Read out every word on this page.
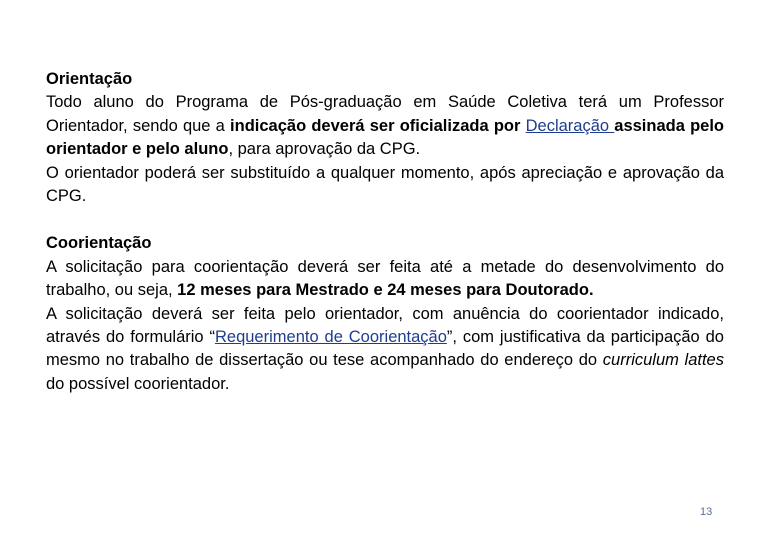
Orientação

Todo aluno do Programa de Pós-graduação em Saúde Coletiva terá um Professor Orientador, sendo que a indicação deverá ser oficializada por Declaração assinada pelo orientador e pelo aluno, para aprovação da CPG.

O orientador poderá ser substituído a qualquer momento, após apreciação e aprovação da CPG.

Coorientação

A solicitação para coorientação deverá ser feita até a metade do desenvolvimento do trabalho, ou seja, 12 meses para Mestrado e 24 meses para Doutorado.

A solicitação deverá ser feita pelo orientador, com anuência do coorientador indicado, através do formulário “Requerimento de Coorientação”, com justificativa da participação do mesmo no trabalho de dissertação ou tese acompanhado do endereço do curriculum lattes do possível coorientador.

13
